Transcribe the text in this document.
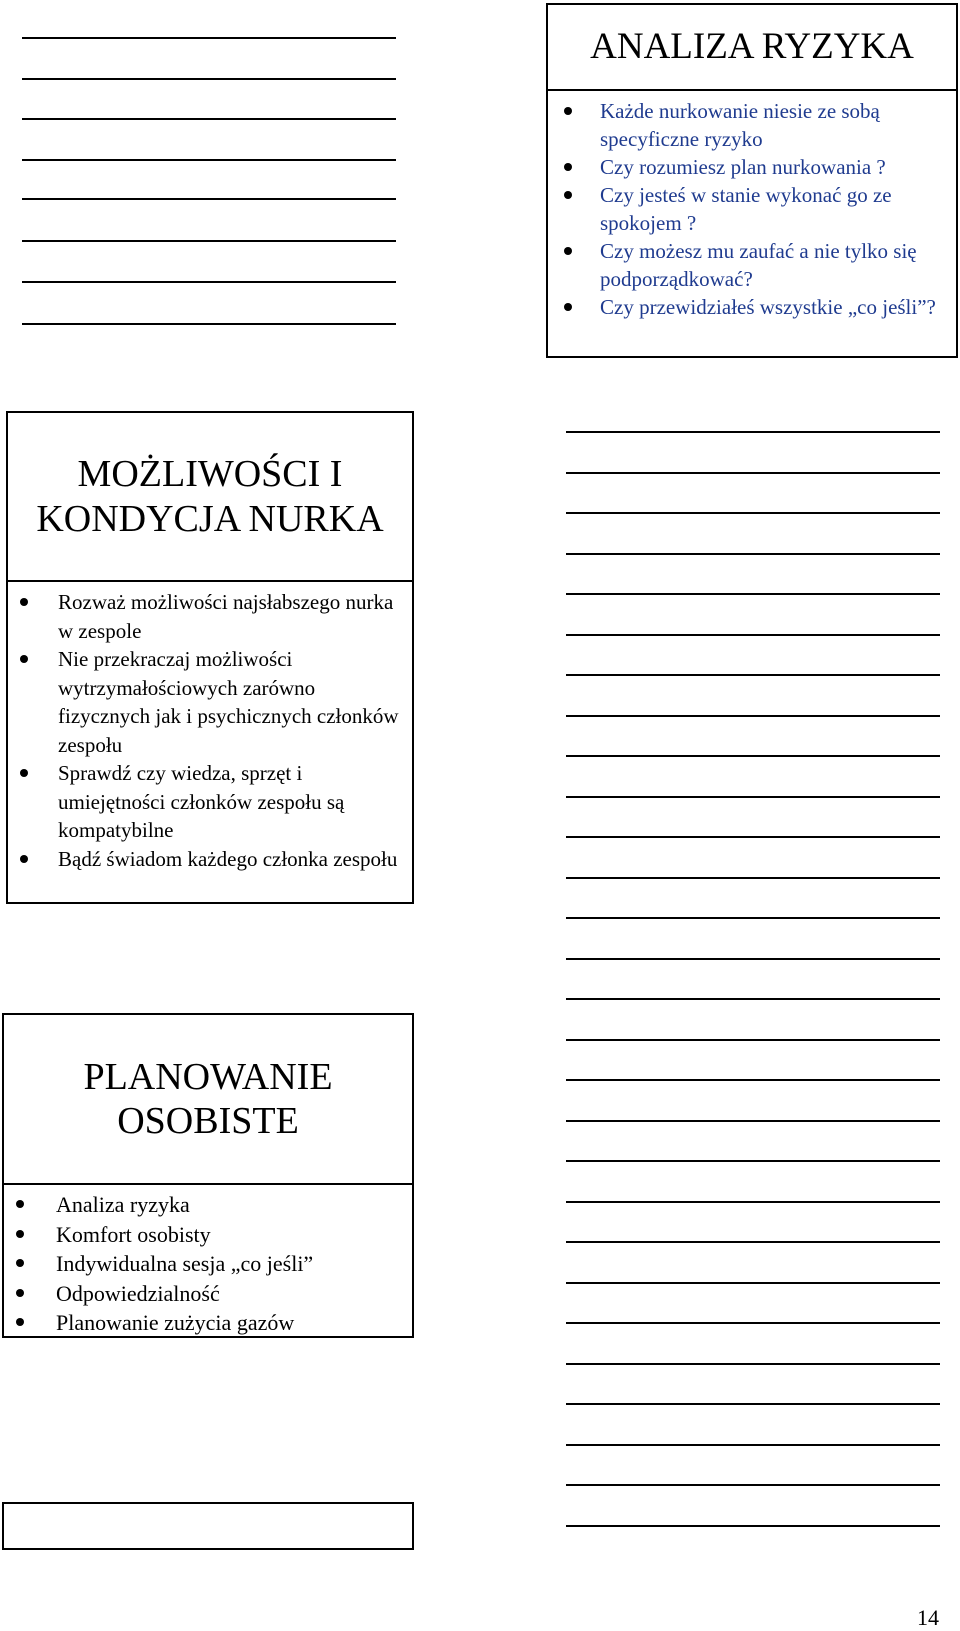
ANALIZA RYZYKA
Każde nurkowanie niesie ze sobą specyficzne ryzyko
Czy rozumiesz plan nurkowania ?
Czy jesteś w stanie wykonać go ze spokojem ?
Czy możesz mu zaufać a nie tylko się podporządkować?
Czy przewidziałeś wszystkie „co jeśli”?
MOŻLIWOŚCI I KONDYCJA NURKA
Rozważ możliwości najsłabszego nurka w zespole
Nie przekraczaj możliwości wytrzymałościowych zarówno fizycznych jak i psychicznych członków zespołu
Sprawdź czy wiedza, sprzęt i umiejętności członków zespołu są kompatybilne
Bądź świadom każdego członka zespołu
PLANOWANIE OSOBISTE
Analiza ryzyka
Komfort osobisty
Indywidualna sesja „co jeśli”
Odpowiedzialność
Planowanie zużycia gazów
14
